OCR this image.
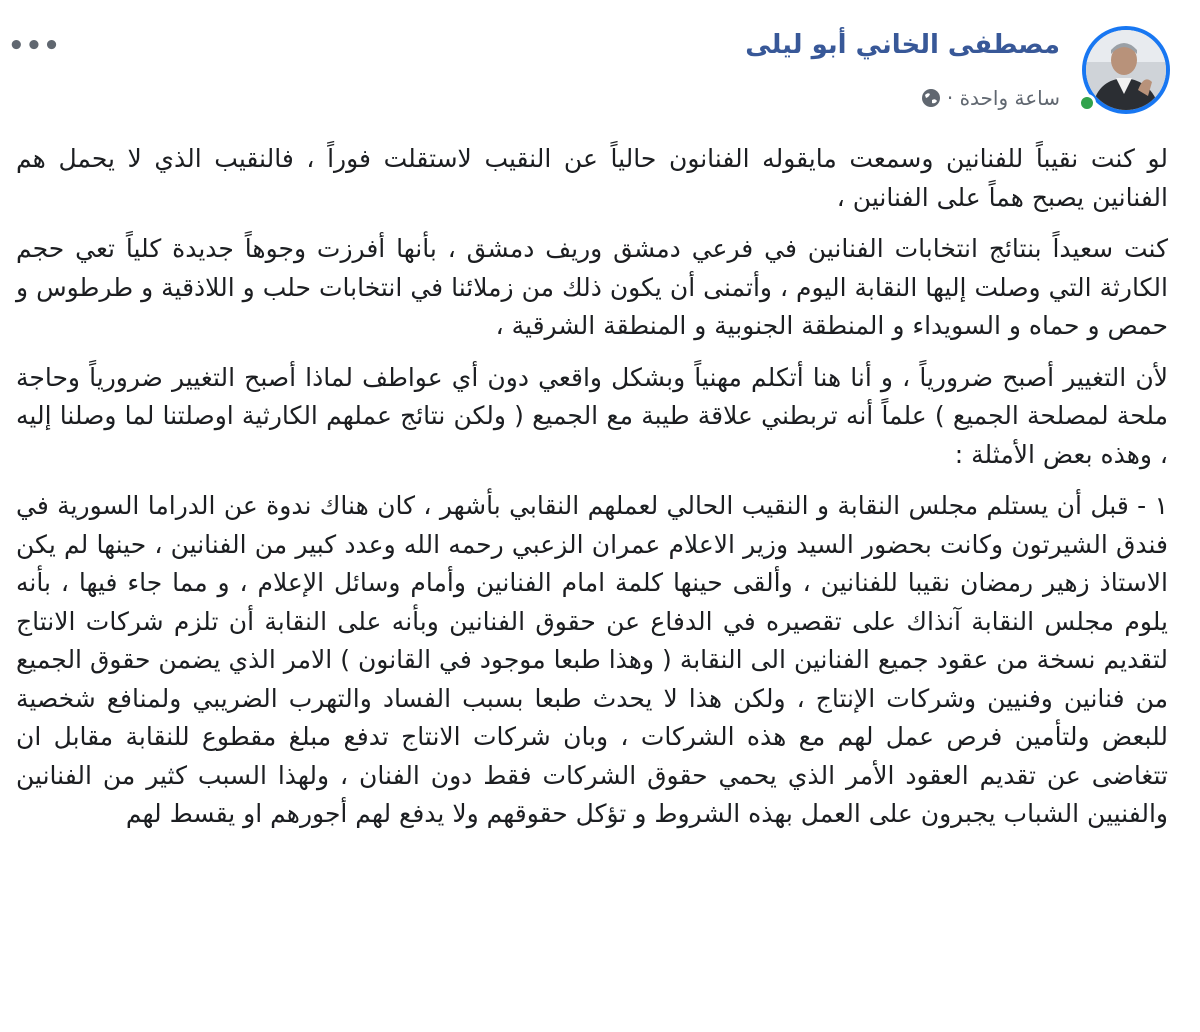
•••	مصطفى الخاني أبو ليلى
ساعة واحدة ·

لو كنت نقيباً للفنانين وسمعت مايقوله الفنانون حالياً عن النقيب لاستقلت فوراً ، فالنقيب الذي لا يحمل هم الفنانين يصبح هماً على الفنانين ،

كنت سعيداً بنتائج انتخابات الفنانين في فرعي دمشق وريف دمشق ، بأنها أفرزت وجوهاً جديدة كلياً تعي حجم الكارثة التي وصلت إليها النقابة اليوم ، وأتمنى أن يكون ذلك من زملائنا في انتخابات حلب و اللاذقية و طرطوس و حمص و حماه و السويداء و المنطقة الجنوبية و المنطقة الشرقية ،

لأن التغيير أصبح ضرورياً ، و أنا هنا أتكلم مهنياً وبشكل واقعي دون أي عواطف لماذا أصبح التغيير ضرورياً وحاجة ملحة لمصلحة الجميع ) علماً أنه تربطني علاقة طيبة مع الجميع ( ولكن نتائج عملهم الكارثية اوصلتنا لما وصلنا إليه ، وهذه بعض الأمثلة :

١ - قبل أن يستلم مجلس النقابة و النقيب الحالي لعملهم النقابي بأشهر ، كان هناك ندوة عن الدراما السورية في فندق الشيرتون وكانت بحضور السيد وزير الاعلام عمران الزعبي رحمه الله وعدد كبير من الفنانين ، حينها لم يكن الاستاذ زهير رمضان نقيبا للفنانين ، وألقى حينها كلمة امام الفنانين وأمام وسائل الإعلام ، و مما جاء فيها ، بأنه يلوم مجلس النقابة آنذاك على تقصيره في الدفاع عن حقوق الفنانين وبأنه على النقابة أن تلزم شركات الانتاج لتقديم نسخة من عقود جميع الفنانين الى النقابة ( وهذا طبعا موجود في القانون ) الامر الذي يضمن حقوق الجميع من فنانين وفنيين وشركات الإنتاج ، ولكن هذا لا يحدث طبعا بسبب الفساد والتهرب الضريبي ولمنافع شخصية للبعض ولتأمين فرص عمل لهم مع هذه الشركات ، وبان شركات الانتاج تدفع مبلغ مقطوع للنقابة مقابل ان تتغاضى عن تقديم العقود الأمر الذي يحمي حقوق الشركات فقط دون الفنان ، ولهذا السبب كثير من الفنانين والفنيين الشباب يجبرون على العمل بهذه الشروط و تؤكل حقوقهم ولا يدفع لهم أجورهم او يقسط لهم
